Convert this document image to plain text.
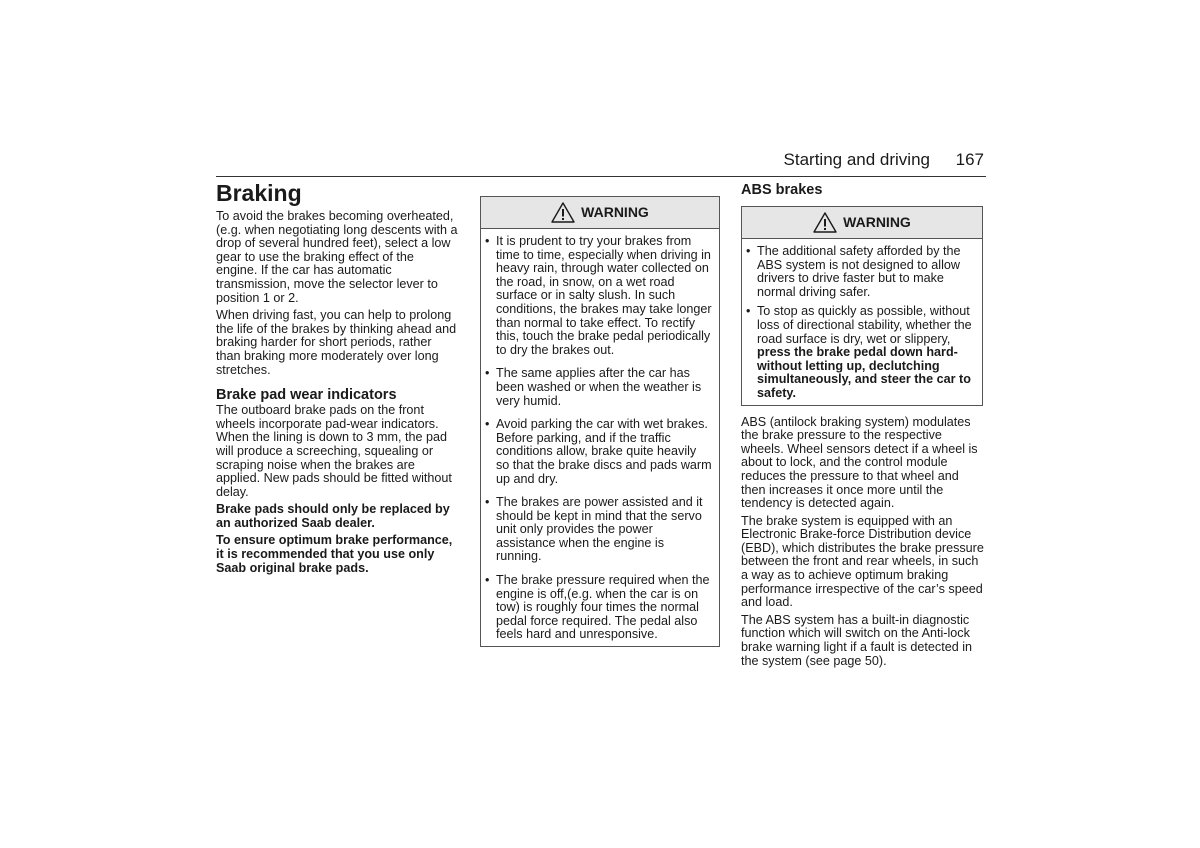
Starting and driving 167
Braking

To avoid the brakes becoming overheated, (e.g. when negotiating long descents with a drop of several hundred feet), select a low gear to use the braking effect of the engine. If the car has automatic transmission, move the selector lever to position 1 or 2.

When driving fast, you can help to prolong the life of the brakes by thinking ahead and braking harder for short periods, rather than braking more moderately over long stretches.

Brake pad wear indicators

The outboard brake pads on the front wheels incorporate pad-wear indicators. When the lining is down to 3 mm, the pad will produce a screeching, squealing or scraping noise when the brakes are applied. New pads should be fitted without delay.

Brake pads should only be replaced by an authorized Saab dealer.

To ensure optimum brake performance, it is recommended that you use only Saab original brake pads.

WARNING
• It is prudent to try your brakes from time to time, especially when driving in heavy rain, through water collected on the road, in snow, on a wet road surface or in salty slush. In such conditions, the brakes may take longer than normal to take effect. To rectify this, touch the brake pedal periodically to dry the brakes out.
• The same applies after the car has been washed or when the weather is very humid.
• Avoid parking the car with wet brakes. Before parking, and if the traffic conditions allow, brake quite heavily so that the brake discs and pads warm up and dry.
• The brakes are power assisted and it should be kept in mind that the servo unit only provides the power assistance when the engine is running.
• The brake pressure required when the engine is off,(e.g. when the car is on tow) is roughly four times the normal pedal force required. The pedal also feels hard and unresponsive.
ABS brakes
WARNING
• The additional safety afforded by the ABS system is not designed to allow drivers to drive faster but to make normal driving safer.
• To stop as quickly as possible, without loss of directional stability, whether the road surface is dry, wet or slippery, press the brake pedal down hard- without letting up, declutching simultaneously, and steer the car to safety.

ABS (antilock braking system) modulates the brake pressure to the respective wheels. Wheel sensors detect if a wheel is about to lock, and the control module reduces the pressure to that wheel and then increases it once more until the tendency is detected again.

The brake system is equipped with an Electronic Brake-force Distribution device (EBD), which distributes the brake pressure between the front and rear wheels, in such a way as to achieve optimum braking performance irrespective of the car’s speed and load.

The ABS system has a built-in diagnostic function which will switch on the Anti-lock brake warning light if a fault is detected in the system (see page 50).
